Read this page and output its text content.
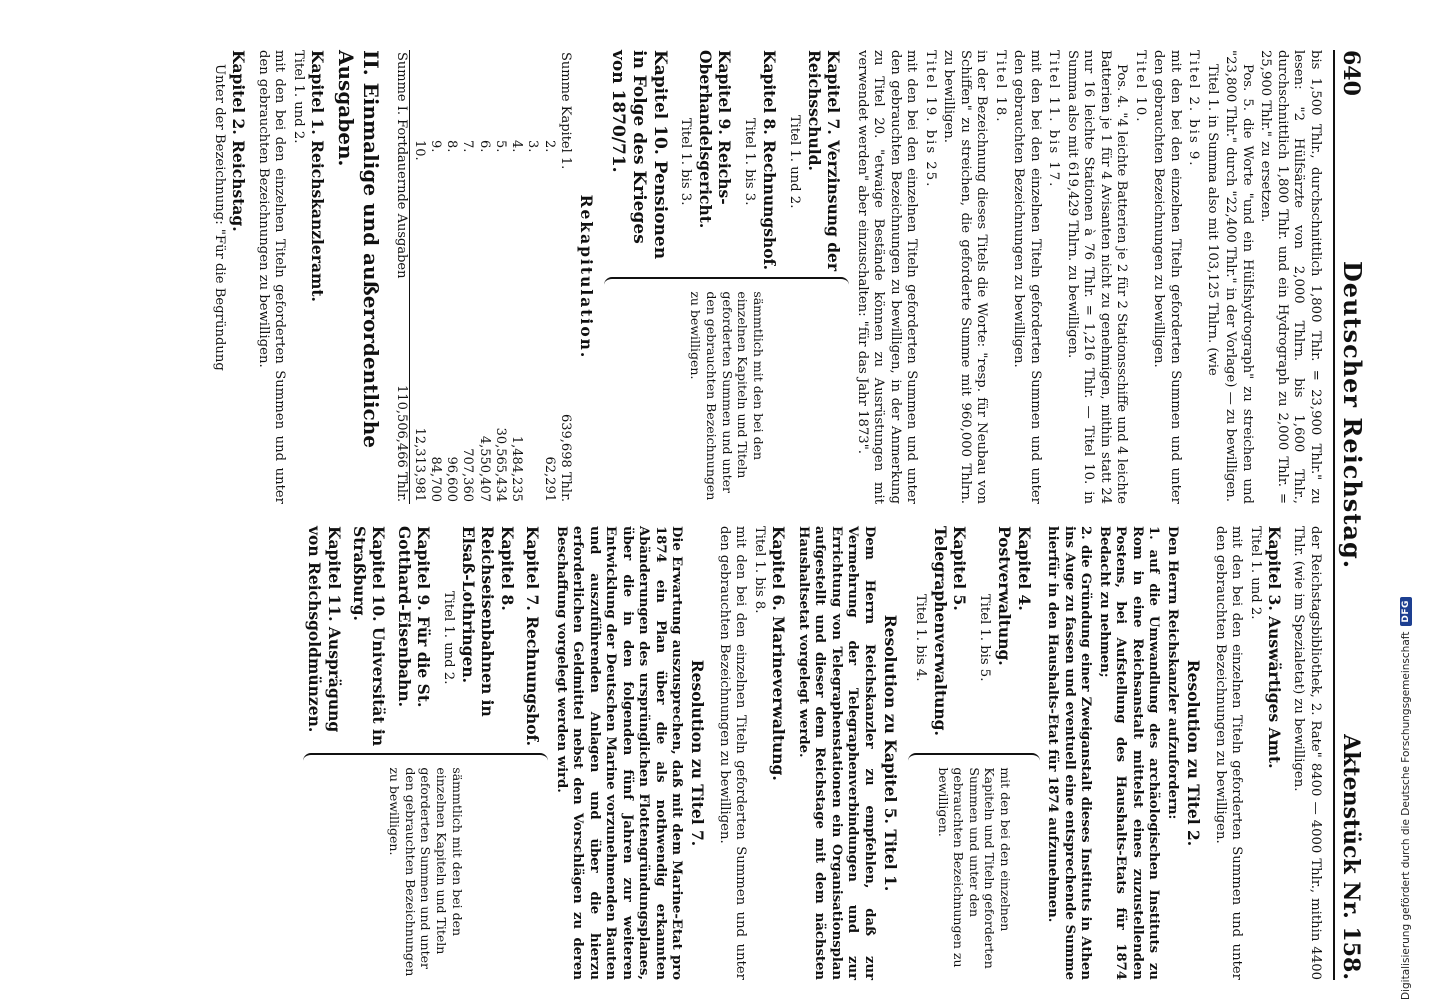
640
Deutscher Reichstag.
Aktenstück Nr. 158.

bis 1,500 Thlr., durchschnittlich 1,800 Thlr. = 23,900 Thlr." zu lesen: "2 Hülfsärzte von 2,000 Thlrn. bis 1,600 Thlr., durchschnittlich 1,800 Thlr. und ein Hydrograph zu 2,000 Thlr. = 25,900 Thlr." zu ersetzen.

Pos. 5. die Worte "und ein Hülfshydrograph" zu streichen und "23,800 Thlr." durch "22,400 Thlr." in der Vorlage) — zu bewilligen.

Titel 1. in Summa also mit 103,125 Thlrn. (wie

Titel 2. bis 9.

mit den bei den einzelnen Titeln geforderten Summen und unter den gebrauchten Bezeichnungen zu bewilligen.

Titel 10.

Pos. 4. "4 leichte Batterien je 2 für 2 Stationsschiffe und 4 leichte Batterien je 1 für 4 Avisanten nicht zu genehmigen, mithin statt 24 nur 16 leichte Stationen à 76 Thlr. = 1,216 Thlr. — Titel 10. in Summa also mit 619,429 Thlrn. zu bewilligen.

Titel 11. bis 17.

mit den bei den einzelnen Titeln geforderten Summen und unter den gebrauchten Bezeichnungen zu bewilligen.

Titel 18.

in der Bezeichnung dieses Titels die Worte: "resp. für Neubau von Schiffen" zu streichen, die geforderte Summe mit 960,000 Thlrn. zu bewilligen.

Titel 19. bis 25.

mit den bei den einzelnen Titeln geforderten Summen und unter den gebrauchten Bezeichnungen zu bewilligen, in der Anmerkung zu Titel 20. "etwaige Bestände können zu Ausrüstungen mit verwendet werden" aber einzuschalten: "für das Jahr 1873".

Kapitel 7. Verzinsung der Reichsschuld.
Titel 1. und 2.
Kapitel 8. Rechnungshof.
Titel 1. bis 3.
Kapitel 9. Reichs-Oberhandelsgericht.
Titel 1. bis 3.
Kapitel 10. Pensionen in Folge des Krieges von 1870/71.
sämmtlich mit den bei den einzelnen Kapiteln und Titeln geforderten Summen und unter den gebrauchten Bezeichnungen zu bewilligen.
Rekapitulation.
Summe Kapitel 1.	639,698 Thlr.
2.	62,291
3.	
4.	1,484,235
5.	30,565,434
6.	4,550,407
7.	707,360
8.	96,600
9.	84,700
10.	12,313,981
Summe I. Fortdauernde Ausgaben	110,506,466 Thlr.
II. Einmalige und außerordentliche Ausgaben.
Kapitel 1. Reichskanzleramt.

Titel 1. und 2.

mit den bei den einzelnen Titeln geforderten Summen und unter den gebrauchten Bezeichnungen zu bewilligen.

Kapitel 2. Reichstag.

Unter der Bezeichnung: "Für die Begründung

der Reichstagsbibliothek, 2. Rate" 8400 — 4000 Thlr., mithin 4400 Thlr. (wie im Spezialetat) zu bewilligen.

Kapitel 3. Auswärtiges Amt.

Titel 1. und 2.

mit den bei den einzelnen Titeln geforderten Summen und unter den gebrauchten Bezeichnungen zu bewilligen.

Resolution zu Titel 2.

Den Herrn Reichskanzler aufzufordern:

1. auf die Umwandlung des archäologischen Instituts zu Rom in eine Reichsanstalt mittelst eines zuzustellenden Postens, bei Aufstellung des Haushalts-Etats für 1874 Bedacht zu nehmen;

2. die Gründung einer Zweiganstalt dieses Instituts in Athen ins Auge zu fassen und eventuell eine entsprechende Summe hierfür in den Haushalts-Etat für 1874 aufzunehmen.

Kapitel 4. Postverwaltung.
Titel 1. bis 5.
Kapitel 5. Telegraphenverwaltung.
Titel 1. bis 4.
mit den bei den einzelnen Kapiteln und Titeln geforderten Summen und unter den gebrauchten Bezeichnungen zu bewilligen.
Resolution zu Kapitel 5. Titel 1.

Dem Herrn Reichskanzler zu empfehlen, daß zur Vermehrung der Telegraphenverbindungen und zur Errichtung von Telegraphenstationen ein Organisationsplan aufgestellt und dieser dem Reichstage mit dem nächsten Haushaltsetat vorgelegt werde.

Kapitel 6. Marineverwaltung.

Titel 1. bis 8.

mit den bei den einzelnen Titeln geforderten Summen und unter den gebrauchten Bezeichnungen zu bewilligen.

Resolution zu Titel 7.

Die Erwartung auszusprechen, daß mit dem Marine-Etat pro 1874 ein Plan über die als nothwendig erkannten Abänderungen des ursprünglichen Flottengründungsplanes, über die in den folgenden fünf Jahren zur weiteren Entwicklung der Deutschen Marine vorzunehmenden Bauten und auszuführenden Anlagen und über die hierzu erforderlichen Geldmittel nebst den Vorschlägen zu deren Beschaffung vorgelegt werden wird.

Kapitel 7. Rechnungshof.
Kapitel 8. Reichseisenbahnen in Elsaß-Lothringen.
Titel 1. und 2.
Kapitel 9. Für die St. Gotthard-Eisenbahn.
Kapitel 10. Universität in Straßburg.
Kapitel 11. Ausprägung von Reichsgoldmünzen.
sämmtlich mit den bei den einzelnen Kapiteln und Titeln geforderten Summen und unter den gebrauchten Bezeichnungen zu bewilligen.	Digitalisierung gefördert durch die Deutsche Forschungsgemeinschaft
DFG
